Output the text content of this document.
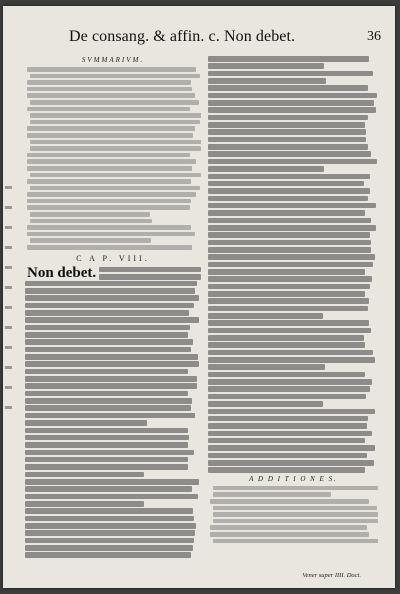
De consang. & affin. c. Non debet.	36
SVMMARIVM.
C A P. VIII.
Non debet.
A D D I T I O N E S.
Vener super IIII. Doct.
